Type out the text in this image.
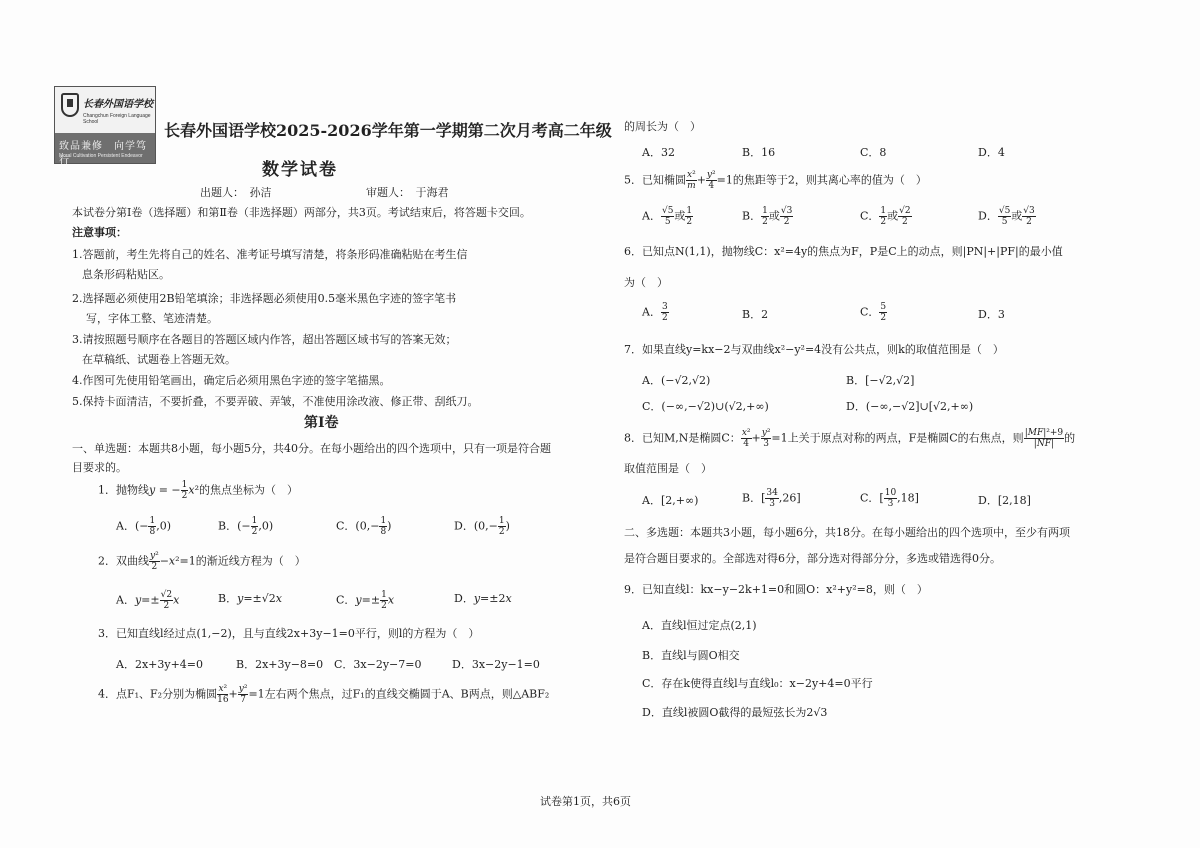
长春外国语学校
Changchun Foreign Language School
致品兼修　向学笃行
Moral Cultivation Persistent Endeavor
长春外国语学校2025-2026学年第一学期第二次月考高二年级
数学试卷
出题人：　孙洁	审题人：　于海君
本试卷分第Ⅰ卷（选择题）和第Ⅱ卷（非选择题）两部分，共3页。考试结束后，将答题卡交回。
注意事项：
1.答题前，考生先将自己的姓名、准考证号填写清楚，将条形码准确粘贴在考生信
息条形码粘贴区。
2.选择题必须使用2B铅笔填涂；非选择题必须使用0.5毫米黑色字迹的签字笔书
写，字体工整、笔迹清楚。
3.请按照题号顺序在各题目的答题区域内作答，超出答题区域书写的答案无效；
在草稿纸、试题卷上答题无效。
4.作图可先使用铅笔画出，确定后必须用黑色字迹的签字笔描黑。
5.保持卡面清洁，不要折叠，不要弄破、弄皱，不准使用涂改液、修正带、刮纸刀。
第Ⅰ卷
一、单选题：本题共8小题，每小题5分，共40分。在每小题给出的四个选项中，只有一项是符合题
目要求的。
1．抛物线y = − $\frac{1}{2} x^2$的焦点坐标为（　）
A．(− $\frac{1}{8} ,0$)	B．(− $\frac{1}{2} ,0$)	C．($0,- \frac{1}{8}$ )	D．($0,- \frac{1}{2}$ )
2．双曲线 $\frac{\text{y²}}{2} -x^2=1$的渐近线方程为（　）
A．$y=\pm \frac{√2}{2}$ x	B．y=±√2x	C．$y=\pm \frac{1}{2}$ x	D．y=±2x
3．已知直线l经过点(1,−2)，且与直线2x+3y−1=0平行，则l的方程为（　）
A．2x+3y+4=0	B．2x+3y−8=0 C．3x−2y−7=0	D．3x−2y−1=0
4．点F₁、F₂分别为椭圆 $\frac{\text{x²}}{16} + \frac{\text{y²}}{7} =1$左右两个焦点，过F₁的直线交椭圆于A、B两点，则△ABF₂
的周长为（　）
A．32	B．16	C．8	D．4
5．已知椭圆 $\frac{\text{x²}}{m} + \frac{\text{y²}}{4} =1$的焦距等于2，则其离心率的值为（　）
A． $\frac{√5}{5}$ 或 $\frac{1}{2}$	B． $\frac{1}{2}$ 或 $\frac{√3}{2}$	C． $\frac{1}{2}$ 或 $\frac{√2}{2}$	D． $\frac{√5}{5}$ 或 $\frac{√3}{2}$
6．已知点N(1,1)，抛物线C：x²=4y的焦点为F，P是C上的动点，则|PN|+|PF|的最小值
为（　）
A． $\frac{3}{2}$	B．2	C． $\frac{5}{2}$	D．3
7．如果直线y=kx−2与双曲线x²−y²=4没有公共点，则k的取值范围是（　）
A．(−√2,√2)	B．[−√2,√2]
C．(−∞,−√2)∪(√2,+∞)	D．(−∞,−√2]∪[√2,+∞)
8．已知M,N是椭圆C： $\frac{\text{x²}}{4} + \frac{\text{y²}}{3} =1$上关于原点对称的两点，F是椭圆C的右焦点，则 $\frac{\text{|MF|²+9}}{|NF|}$ 的
取值范围是（　）
A．[2,+∞)	B．[ $\frac{34}{3} ,26$]	C．[ $\frac{10}{3} ,18$]	D．[2,18]
二、多选题：本题共3小题，每小题6分，共18分。在每小题给出的四个选项中，至少有两项
是符合题目要求的。全部选对得6分，部分选对得部分分，多选或错选得0分。
9．已知直线l：kx−y−2k+1=0和圆O：x²+y²=8，则（　）
A．直线l恒过定点(2,1)
B．直线l与圆O相交
C．存在k使得直线l与直线l₀：x−2y+4=0平行
D．直线l被圆O截得的最短弦长为2√3
试卷第1页，共6页
